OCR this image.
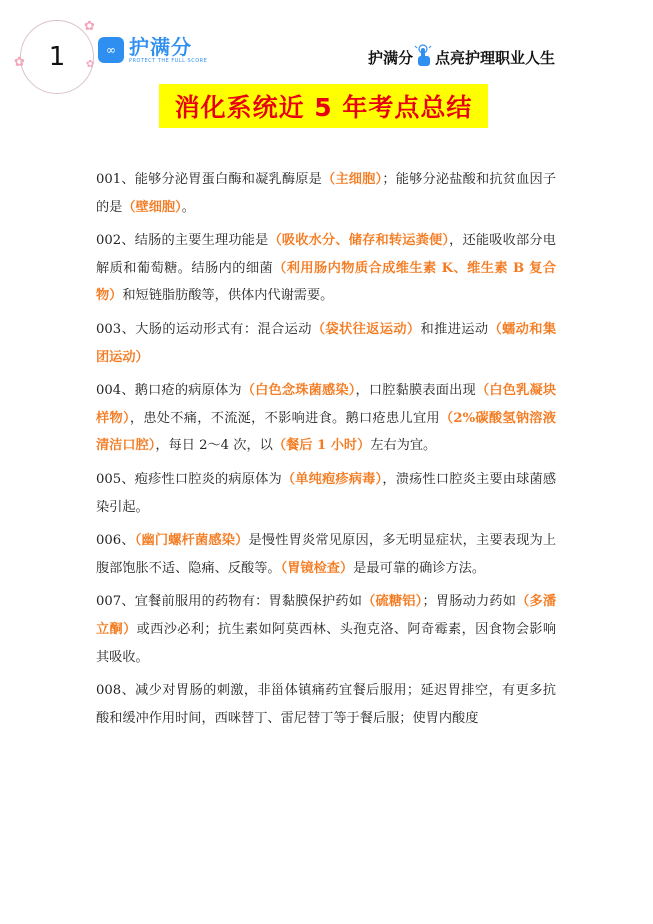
1
✿
✿	✿
∞ 护满分
PROTECT THE FULL SCORE	护满分 点亮护理职业人生
消化系统近 5 年考点总结

001、能够分泌胃蛋白酶和凝乳酶原是（主细胞）；能够分泌盐酸和抗贫血因子的是（壁细胞）。

002、结肠的主要生理功能是（吸收水分、储存和转运粪便），还能吸收部分电解质和葡萄糖。结肠内的细菌（利用肠内物质合成维生素 K、维生素 B 复合物）和短链脂肪酸等，供体内代谢需要。

003、大肠的运动形式有：混合运动（袋状往返运动）和推进运动（蠕动和集团运动）

004、鹅口疮的病原体为（白色念珠菌感染），口腔黏膜表面出现（白色乳凝块样物），患处不痛，不流涎，不影响进食。鹅口疮患儿宜用（2%碳酸氢钠溶液清洁口腔），每日 2～4 次，以（餐后 1 小时）左右为宜。

005、疱疹性口腔炎的病原体为（单纯疱疹病毒），溃疡性口腔炎主要由球菌感染引起。

006、（幽门螺杆菌感染）是慢性胃炎常见原因，多无明显症状，主要表现为上腹部饱胀不适、隐痛、反酸等。（胃镜检查）是最可靠的确诊方法。

007、宜餐前服用的药物有：胃黏膜保护药如（硫糖铝）；胃肠动力药如（多潘立酮）或西沙必利；抗生素如阿莫西林、头孢克洛、阿奇霉素，因食物会影响其吸收。

008、减少对胃肠的刺激，非甾体镇痛药宜餐后服用；延迟胃排空，有更多抗酸和缓冲作用时间，西咪替丁、雷尼替丁等于餐后服；使胃内酸度
